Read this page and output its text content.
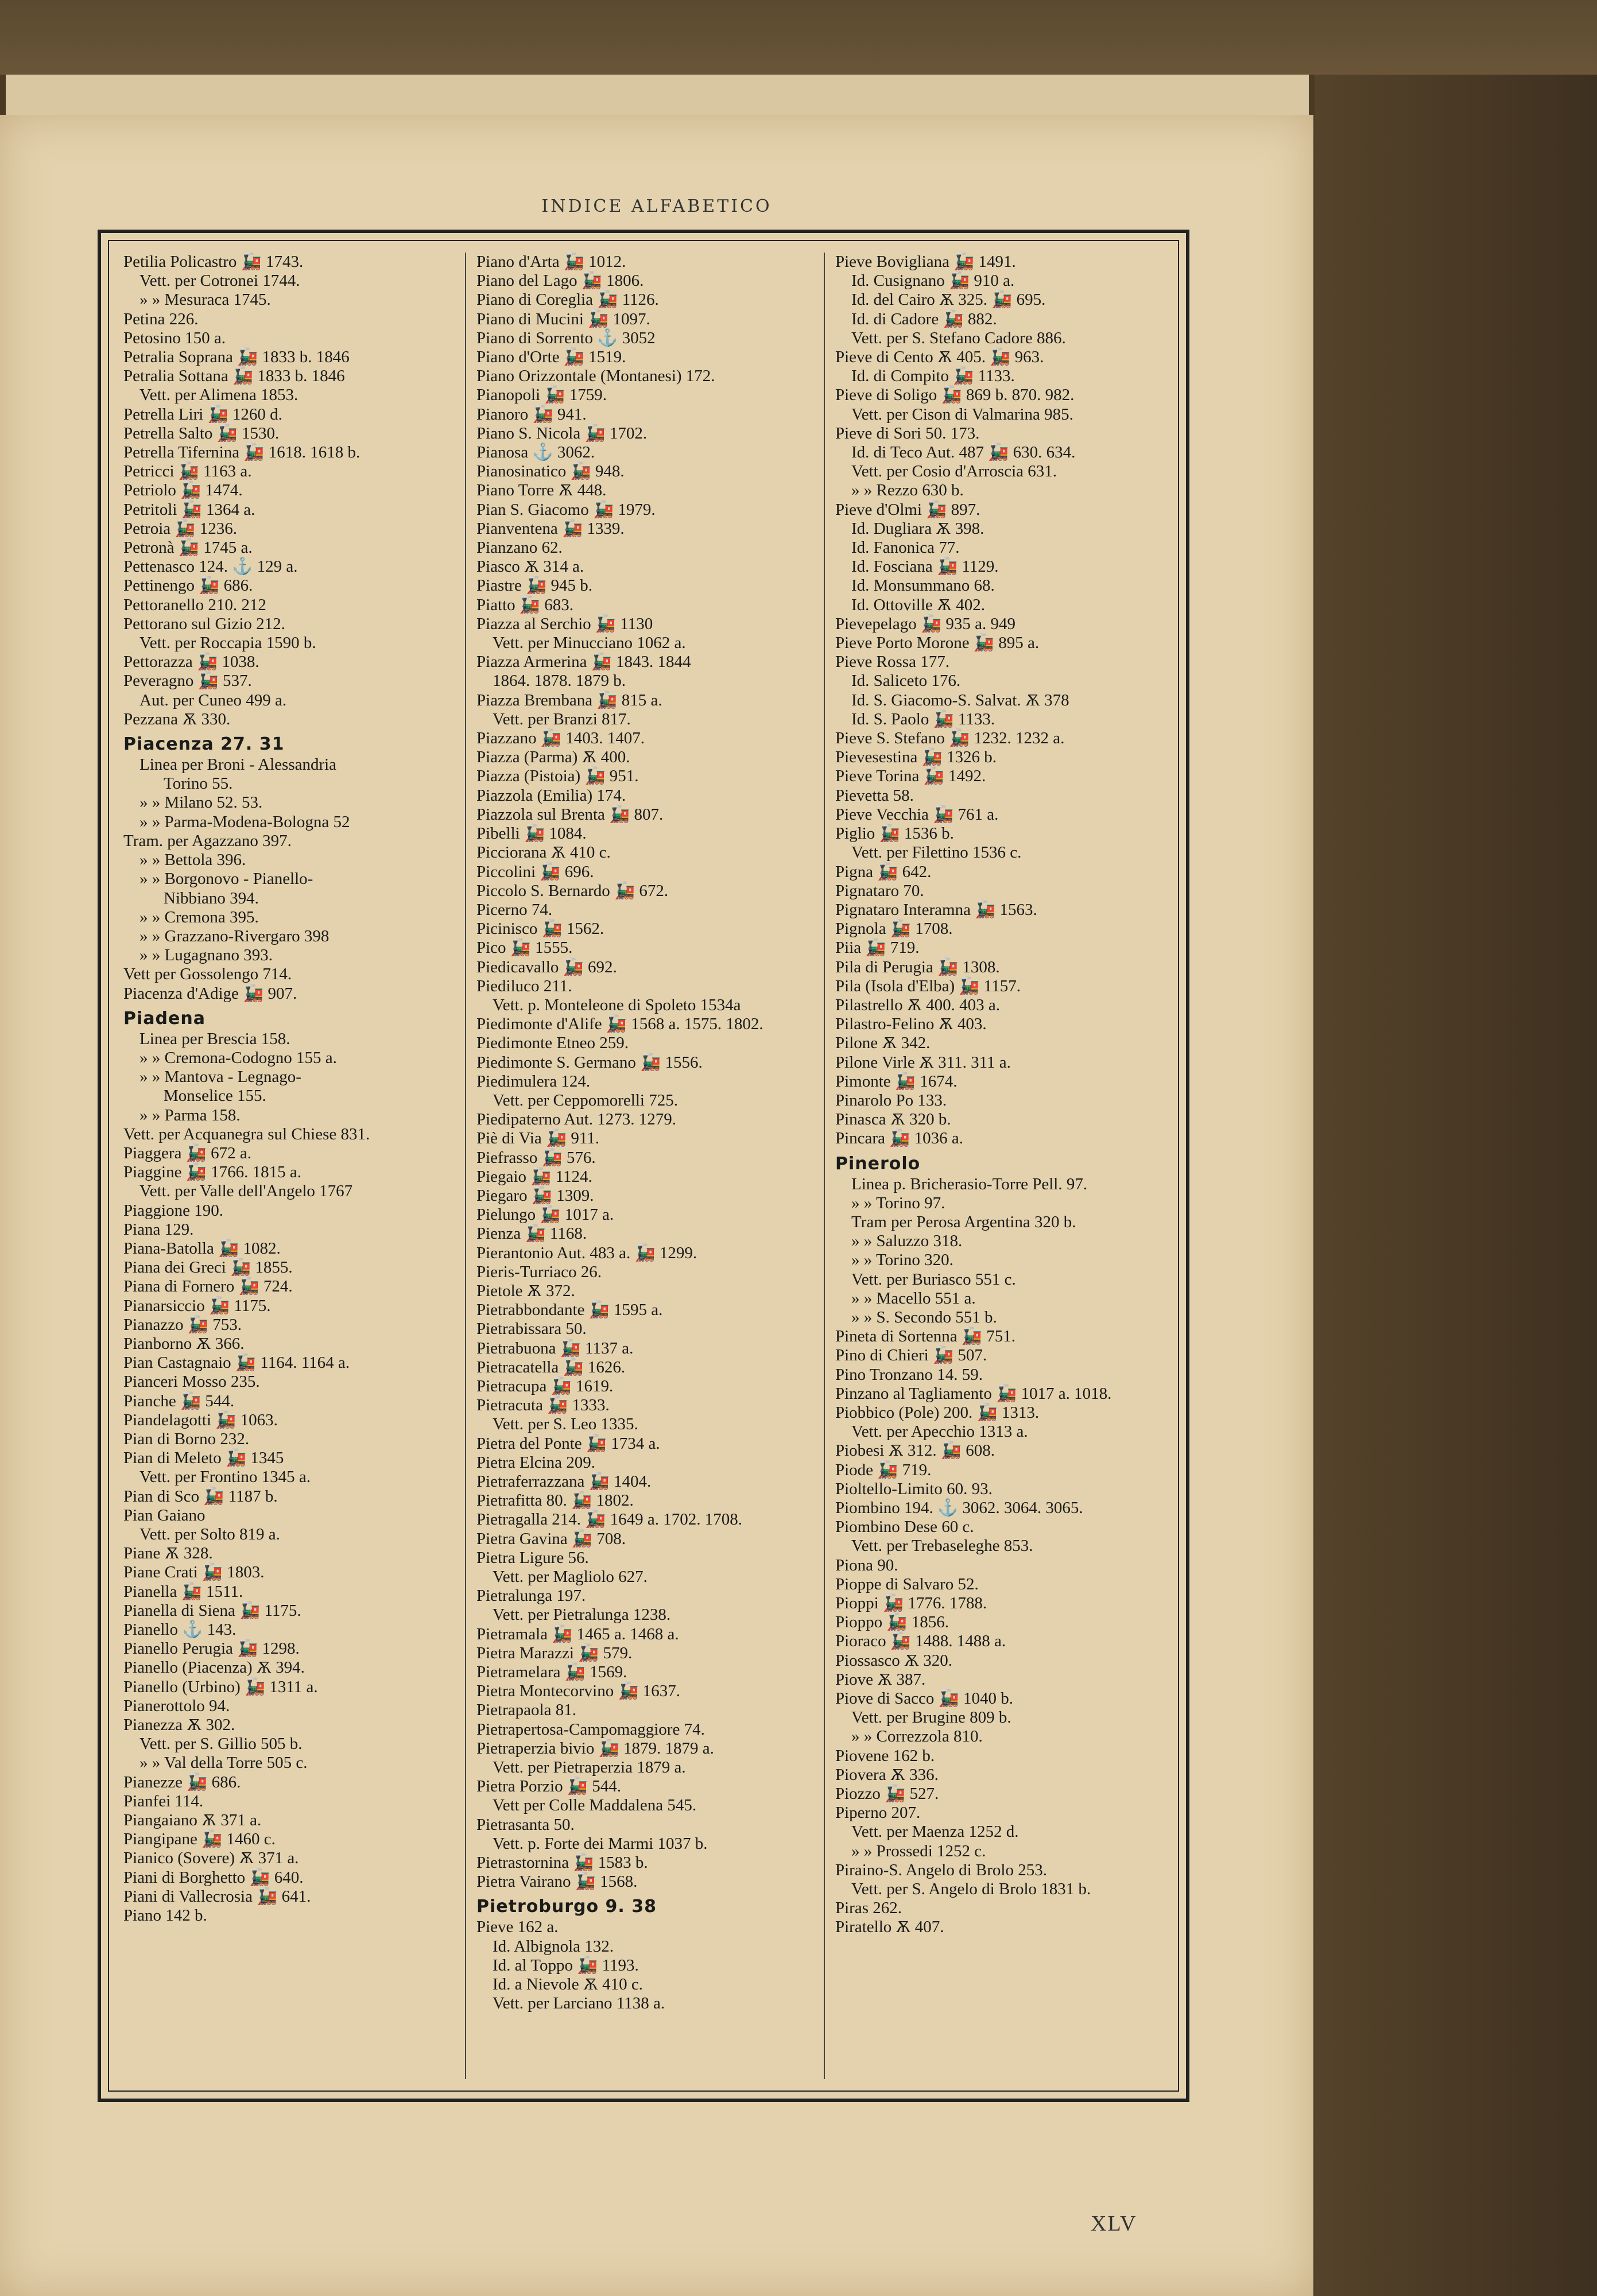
INDICE ALFABETICO
Petilia Policastro 🚂 1743.
Vett. per Cotronei 1744.
» » Mesuraca 1745.
Petina 226.
Petosino 150 a.
Petralia Soprana 🚂 1833 b. 1846
Petralia Sottana 🚂 1833 b. 1846
Vett. per Alimena 1853.
Petrella Liri 🚂 1260 d.
Petrella Salto 🚂 1530.
Petrella Tifernina 🚂 1618. 1618 b.
Petricci 🚂 1163 a.
Petriolo 🚂 1474.
Petritoli 🚂 1364 a.
Petroia 🚂 1236.
Petronà 🚂 1745 a.
Pettenasco 124. ⚓ 129 a.
Pettinengo 🚂 686.
Pettoranello 210. 212
Pettorano sul Gizio 212.
Vett. per Roccapia 1590 b.
Pettorazza 🚂 1038.
Peveragno 🚂 537.
Aut. per Cuneo 499 a.
Pezzana Ѫ 330.
Piacenza 27. 31
Linea per Broni - Alessandria
Torino 55.
» » Milano 52. 53.
» » Parma-Modena-Bologna 52
Tram. per Agazzano 397.
» » Bettola 396.
» » Borgonovo - Pianello-
Nibbiano 394.
» » Cremona 395.
» » Grazzano-Rivergaro 398
» » Lugagnano 393.
Vett per Gossolengo 714.
Piacenza d'Adige 🚂 907.
Piadena
Linea per Brescia 158.
» » Cremona-Codogno 155 a.
» » Mantova - Legnago-
Monselice 155.
» » Parma 158.
Vett. per Acquanegra sul Chiese 831.
Piaggera 🚂 672 a.
Piaggine 🚂 1766. 1815 a.
Vett. per Valle dell'Angelo 1767
Piaggione 190.
Piana 129.
Piana-Batolla 🚂 1082.
Piana dei Greci 🚂 1855.
Piana di Fornero 🚂 724.
Pianarsiccio 🚂 1175.
Pianazzo 🚂 753.
Pianborno Ѫ 366.
Pian Castagnaio 🚂 1164. 1164 a.
Pianceri Mosso 235.
Pianche 🚂 544.
Piandelagotti 🚂 1063.
Pian di Borno 232.
Pian di Meleto 🚂 1345
Vett. per Frontino 1345 a.
Pian di Sco 🚂 1187 b.
Pian Gaiano
Vett. per Solto 819 a.
Piane Ѫ 328.
Piane Crati 🚂 1803.
Pianella 🚂 1511.
Pianella di Siena 🚂 1175.
Pianello ⚓ 143.
Pianello Perugia 🚂 1298.
Pianello (Piacenza) Ѫ 394.
Pianello (Urbino) 🚂 1311 a.
Pianerottolo 94.
Pianezza Ѫ 302.
Vett. per S. Gillio 505 b.
» » Val della Torre 505 c.
Pianezze 🚂 686.
Pianfei 114.
Piangaiano Ѫ 371 a.
Piangipane 🚂 1460 c.
Pianico (Sovere) Ѫ 371 a.
Piani di Borghetto 🚂 640.
Piani di Vallecrosia 🚂 641.
Piano 142 b.
Piano d'Arta 🚂 1012.
Piano del Lago 🚂 1806.
Piano di Coreglia 🚂 1126.
Piano di Mucini 🚂 1097.
Piano di Sorrento ⚓ 3052
Piano d'Orte 🚂 1519.
Piano Orizzontale (Montanesi) 172.
Pianopoli 🚂 1759.
Pianoro 🚂 941.
Piano S. Nicola 🚂 1702.
Pianosa ⚓ 3062.
Pianosinatico 🚂 948.
Piano Torre Ѫ 448.
Pian S. Giacomo 🚂 1979.
Pianventena 🚂 1339.
Pianzano 62.
Piasco Ѫ 314 a.
Piastre 🚂 945 b.
Piatto 🚂 683.
Piazza al Serchio 🚂 1130
Vett. per Minucciano 1062 a.
Piazza Armerina 🚂 1843. 1844
1864. 1878. 1879 b.
Piazza Brembana 🚂 815 a.
Vett. per Branzi 817.
Piazzano 🚂 1403. 1407.
Piazza (Parma) Ѫ 400.
Piazza (Pistoia) 🚂 951.
Piazzola (Emilia) 174.
Piazzola sul Brenta 🚂 807.
Pibelli 🚂 1084.
Picciorana Ѫ 410 c.
Piccolini 🚂 696.
Piccolo S. Bernardo 🚂 672.
Picerno 74.
Picinisco 🚂 1562.
Pico 🚂 1555.
Piedicavallo 🚂 692.
Piediluco 211.
Vett. p. Monteleone di Spoleto 1534a
Piedimonte d'Alife 🚂 1568 a. 1575. 1802.
Piedimonte Etneo 259.
Piedimonte S. Germano 🚂 1556.
Piedimulera 124.
Vett. per Ceppomorelli 725.
Piedipaterno Aut. 1273. 1279.
Piè di Via 🚂 911.
Piefrasso 🚂 576.
Piegaio 🚂 1124.
Piegaro 🚂 1309.
Pielungo 🚂 1017 a.
Pienza 🚂 1168.
Pierantonio Aut. 483 a. 🚂 1299.
Pieris-Turriaco 26.
Pietole Ѫ 372.
Pietrabbondante 🚂 1595 a.
Pietrabissara 50.
Pietrabuona 🚂 1137 a.
Pietracatella 🚂 1626.
Pietracupa 🚂 1619.
Pietracuta 🚂 1333.
Vett. per S. Leo 1335.
Pietra del Ponte 🚂 1734 a.
Pietra Elcina 209.
Pietraferrazzana 🚂 1404.
Pietrafitta 80. 🚂 1802.
Pietragalla 214. 🚂 1649 a. 1702. 1708.
Pietra Gavina 🚂 708.
Pietra Ligure 56.
Vett. per Magliolo 627.
Pietralunga 197.
Vett. per Pietralunga 1238.
Pietramala 🚂 1465 a. 1468 a.
Pietra Marazzi 🚂 579.
Pietramelara 🚂 1569.
Pietra Montecorvino 🚂 1637.
Pietrapaola 81.
Pietrapertosa-Campomaggiore 74.
Pietraperzia bivio 🚂 1879. 1879 a.
Vett. per Pietraperzia 1879 a.
Pietra Porzio 🚂 544.
Vett per Colle Maddalena 545.
Pietrasanta 50.
Vett. p. Forte dei Marmi 1037 b.
Pietrastornina 🚂 1583 b.
Pietra Vairano 🚂 1568.
Pietroburgo 9. 38
Pieve 162 a.
Id. Albignola 132.
Id. al Toppo 🚂 1193.
Id. a Nievole Ѫ 410 c.
Vett. per Larciano 1138 a.
Pieve Bovigliana 🚂 1491.
Id. Cusignano 🚂 910 a.
Id. del Cairo Ѫ 325. 🚂 695.
Id. di Cadore 🚂 882.
Vett. per S. Stefano Cadore 886.
Pieve di Cento Ѫ 405. 🚂 963.
Id. di Compito 🚂 1133.
Pieve di Soligo 🚂 869 b. 870. 982.
Vett. per Cison di Valmarina 985.
Pieve di Sori 50. 173.
Id. di Teco Aut. 487 🚂 630. 634.
Vett. per Cosio d'Arroscia 631.
» » Rezzo 630 b.
Pieve d'Olmi 🚂 897.
Id. Dugliara Ѫ 398.
Id. Fanonica 77.
Id. Fosciana 🚂 1129.
Id. Monsummano 68.
Id. Ottoville Ѫ 402.
Pievepelago 🚂 935 a. 949
Pieve Porto Morone 🚂 895 a.
Pieve Rossa 177.
Id. Saliceto 176.
Id. S. Giacomo-S. Salvat. Ѫ 378
Id. S. Paolo 🚂 1133.
Pieve S. Stefano 🚂 1232. 1232 a.
Pievesestina 🚂 1326 b.
Pieve Torina 🚂 1492.
Pievetta 58.
Pieve Vecchia 🚂 761 a.
Piglio 🚂 1536 b.
Vett. per Filettino 1536 c.
Pigna 🚂 642.
Pignataro 70.
Pignataro Interamna 🚂 1563.
Pignola 🚂 1708.
Piia 🚂 719.
Pila di Perugia 🚂 1308.
Pila (Isola d'Elba) 🚂 1157.
Pilastrello Ѫ 400. 403 a.
Pilastro-Felino Ѫ 403.
Pilone Ѫ 342.
Pilone Virle Ѫ 311. 311 a.
Pimonte 🚂 1674.
Pinarolo Po 133.
Pinasca Ѫ 320 b.
Pincara 🚂 1036 a.
Pinerolo
Linea p. Bricherasio-Torre Pell. 97.
» » Torino 97.
Tram per Perosa Argentina 320 b.
» » Saluzzo 318.
» » Torino 320.
Vett. per Buriasco 551 c.
» » Macello 551 a.
» » S. Secondo 551 b.
Pineta di Sortenna 🚂 751.
Pino di Chieri 🚂 507.
Pino Tronzano 14. 59.
Pinzano al Tagliamento 🚂 1017 a. 1018.
Piobbico (Pole) 200. 🚂 1313.
Vett. per Apecchio 1313 a.
Piobesi Ѫ 312. 🚂 608.
Piode 🚂 719.
Pioltello-Limito 60. 93.
Piombino 194. ⚓ 3062. 3064. 3065.
Piombino Dese 60 c.
Vett. per Trebaseleghe 853.
Piona 90.
Pioppe di Salvaro 52.
Pioppi 🚂 1776. 1788.
Pioppo 🚂 1856.
Pioraco 🚂 1488. 1488 a.
Piossasco Ѫ 320.
Piove Ѫ 387.
Piove di Sacco 🚂 1040 b.
Vett. per Brugine 809 b.
» » Correzzola 810.
Piovene 162 b.
Piovera Ѫ 336.
Piozzo 🚂 527.
Piperno 207.
Vett. per Maenza 1252 d.
» » Prossedi 1252 c.
Piraino-S. Angelo di Brolo 253.
Vett. per S. Angelo di Brolo 1831 b.
Piras 262.
Piratello Ѫ 407.
XLV
